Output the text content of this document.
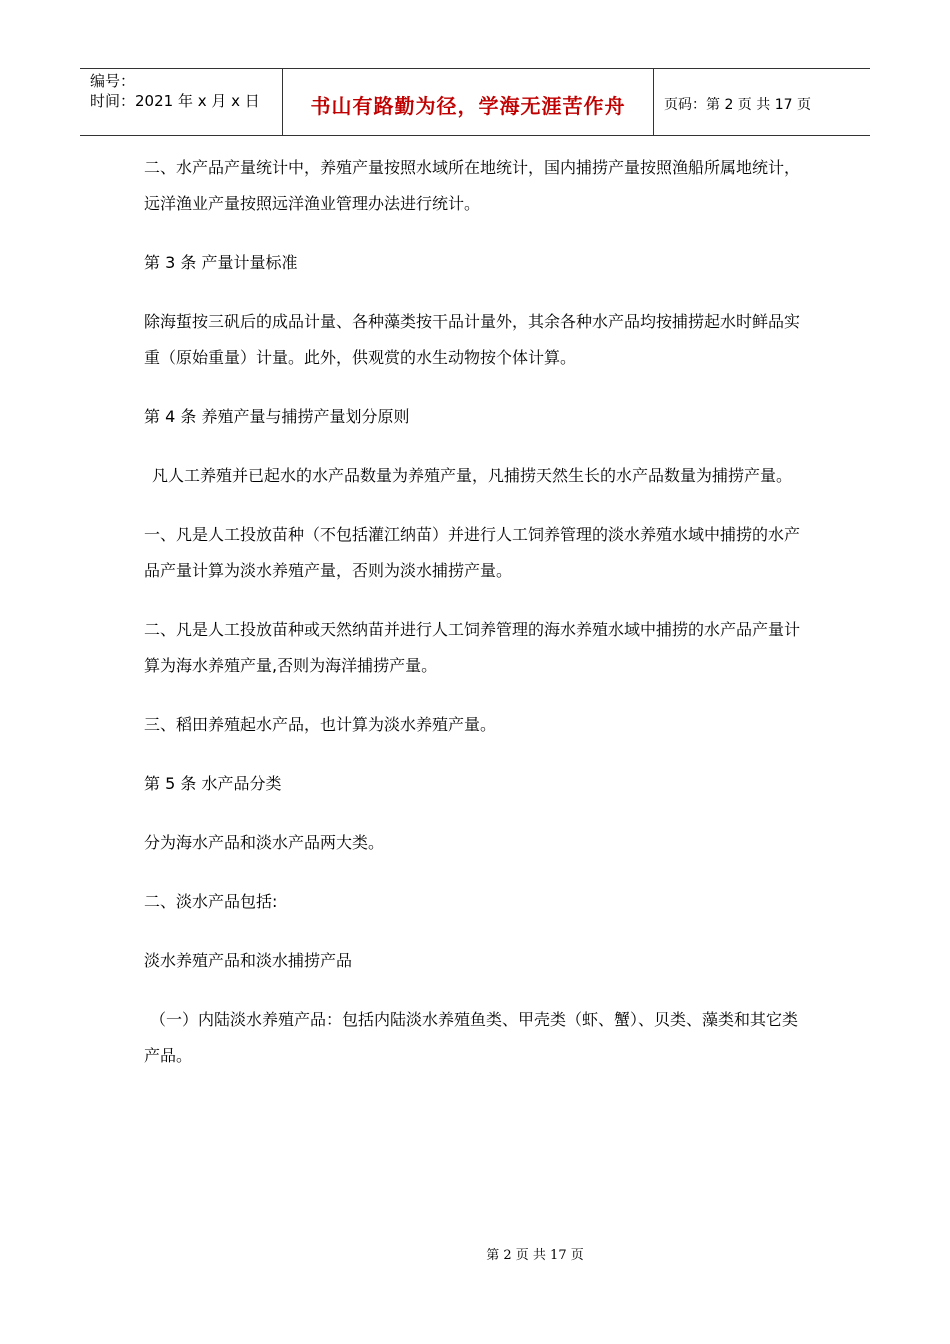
编号：
时间：2021 年 x 月 x 日	书山有路勤为径，学海无涯苦作舟	页码：第 2 页 共 17 页

二、水产品产量统计中，养殖产量按照水域所在地统计，国内捕捞产量按照渔船所属地统计，远洋渔业产量按照远洋渔业管理办法进行统计。

第 3 条 产量计量标准

除海蜇按三矾后的成品计量、各种藻类按干品计量外，其余各种水产品均按捕捞起水时鲜品实重（原始重量）计量。此外，供观赏的水生动物按个体计算。

第 4 条 养殖产量与捕捞产量划分原则

凡人工养殖并已起水的水产品数量为养殖产量，凡捕捞天然生长的水产品数量为捕捞产量。

一、凡是人工投放苗种（不包括灌江纳苗）并进行人工饲养管理的淡水养殖水域中捕捞的水产品产量计算为淡水养殖产量，否则为淡水捕捞产量。

二、凡是人工投放苗种或天然纳苗并进行人工饲养管理的海水养殖水域中捕捞的水产品产量计算为海水养殖产量,否则为海洋捕捞产量。

三、稻田养殖起水产品，也计算为淡水养殖产量。

第 5 条 水产品分类

分为海水产品和淡水产品两大类。

二、淡水产品包括:

淡水养殖产品和淡水捕捞产品

（一）内陆淡水养殖产品：包括内陆淡水养殖鱼类、甲壳类（虾、蟹）、贝类、藻类和其它类产品。

第 2 页 共 17 页
